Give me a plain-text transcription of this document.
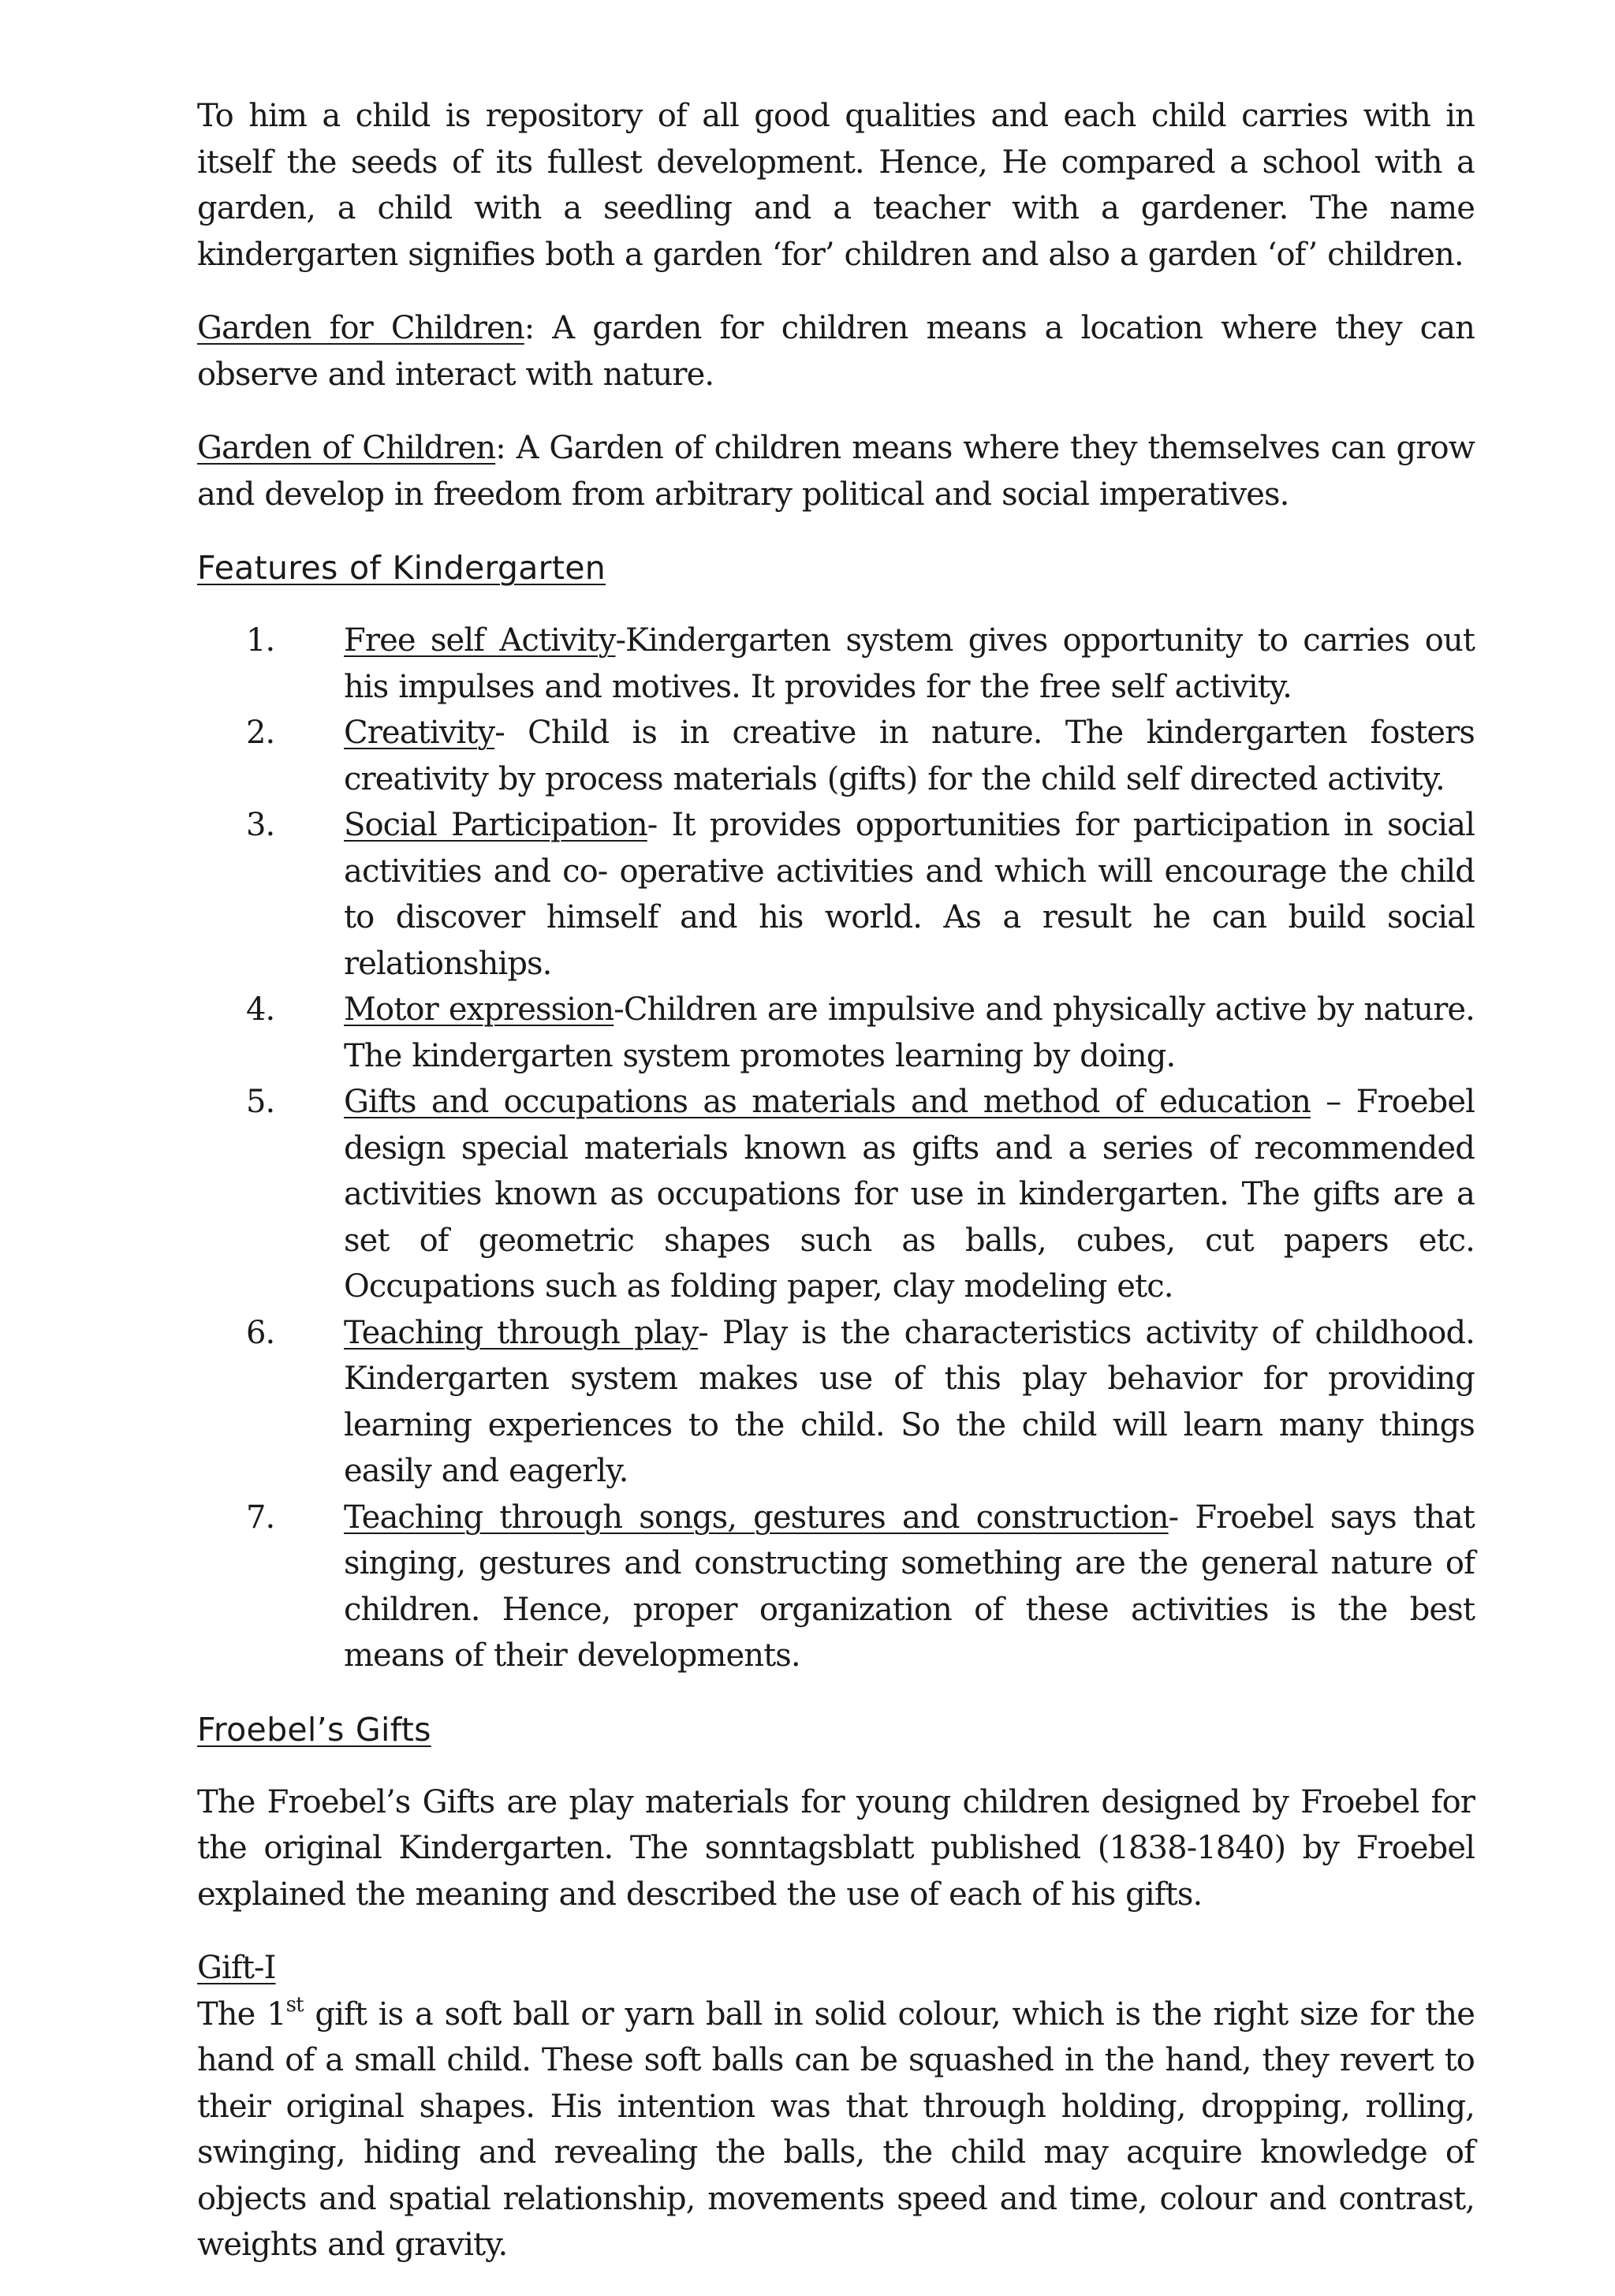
To him a child is repository of all good qualities and each child carries with in itself the seeds of its fullest development. Hence, He compared a school with a garden, a child with a seedling and a teacher with a gardener. The name kindergarten signifies both a garden ‘for’ children and also a garden ‘of’ children.

Garden for Children: A garden for children means a location where they can observe and interact with nature.

Garden of Children: A Garden of children means where they themselves can grow and develop in freedom from arbitrary political and social imperatives.

Features of Kindergarten
1. Free self Activity-Kindergarten system gives opportunity to carries out his impulses and motives. It provides for the free self activity.
2. Creativity- Child is in creative in nature. The kindergarten fosters creativity by process materials (gifts) for the child self directed activity.
3. Social Participation- It provides opportunities for participation in social activities and co- operative activities and which will encourage the child to discover himself and his world. As a result he can build social relationships.
4. Motor expression-Children are impulsive and physically active by nature. The kindergarten system promotes learning by doing.
5. Gifts and occupations as materials and method of education – Froebel design special materials known as gifts and a series of recommended activities known as occupations for use in kindergarten. The gifts are a set of geometric shapes such as balls, cubes, cut papers etc. Occupations such as folding paper, clay modeling etc.
6. Teaching through play- Play is the characteristics activity of childhood. Kindergarten system makes use of this play behavior for providing learning experiences to the child. So the child will learn many things easily and eagerly.
7. Teaching through songs, gestures and construction- Froebel says that singing, gestures and constructing something are the general nature of children. Hence, proper organization of these activities is the best means of their developments.
Froebel’s Gifts

The Froebel’s Gifts are play materials for young children designed by Froebel for the original Kindergarten. The sonntagsblatt published (1838-1840) by Froebel explained the meaning and described the use of each of his gifts.

Gift-I

The 1st gift is a soft ball or yarn ball in solid colour, which is the right size for the hand of a small child. These soft balls can be squashed in the hand, they revert to their original shapes. His intention was that through holding, dropping, rolling, swinging, hiding and revealing the balls, the child may acquire knowledge of objects and spatial relationship, movements speed and time, colour and contrast, weights and gravity.
